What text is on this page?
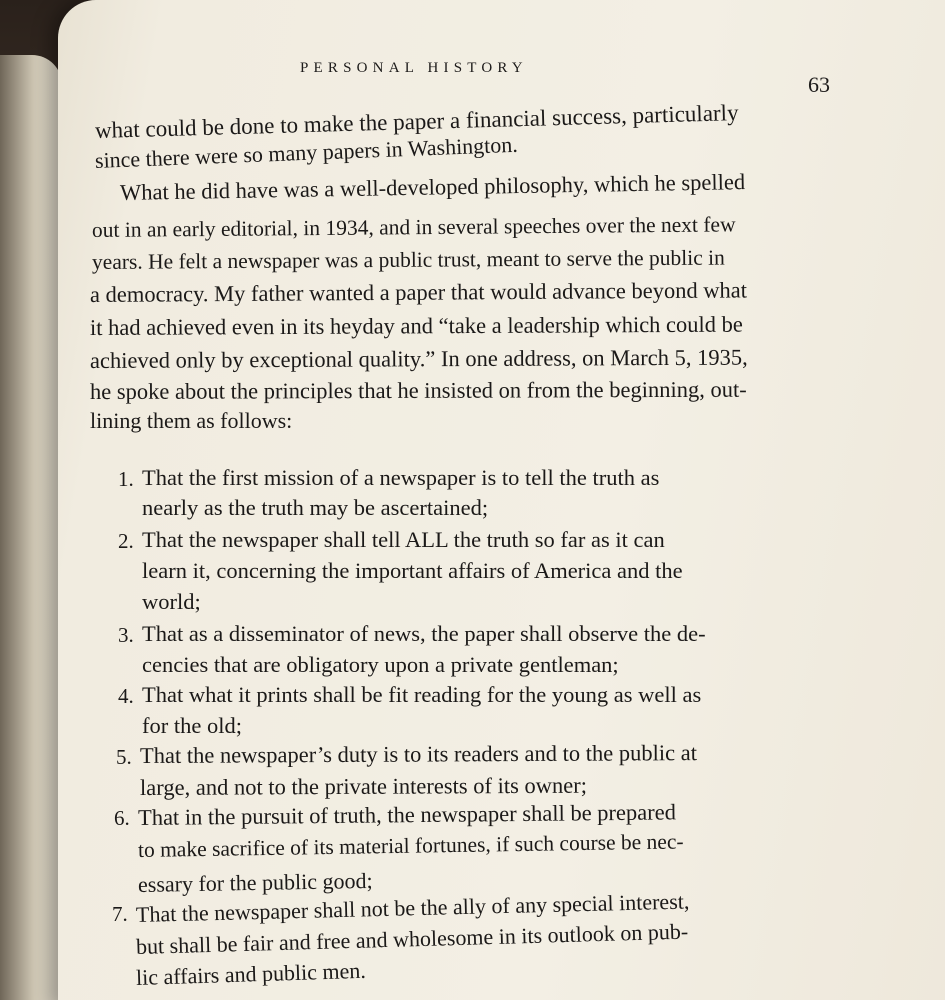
PERSONAL HISTORY
63
what could be done to make the paper a financial success, particularly
since there were so many papers in Washington.
What he did have was a well-developed philosophy, which he spelled
out in an early editorial, in 1934, and in several speeches over the next few
years. He felt a newspaper was a public trust, meant to serve the public in
a democracy. My father wanted a paper that would advance beyond what
it had achieved even in its heyday and “take a leadership which could be
achieved only by exceptional quality.” In one address, on March 5, 1935,
he spoke about the principles that he insisted on from the beginning, out-
lining them as follows:
1. That the first mission of a newspaper is to tell the truth as
nearly as the truth may be ascertained;
2. That the newspaper shall tell ALL the truth so far as it can
learn it, concerning the important affairs of America and the
world;
3. That as a disseminator of news, the paper shall observe the de-
cencies that are obligatory upon a private gentleman;
4. That what it prints shall be fit reading for the young as well as
for the old;
5. That the newspaper’s duty is to its readers and to the public at
large, and not to the private interests of its owner;
6. That in the pursuit of truth, the newspaper shall be prepared
to make sacrifice of its material fortunes, if such course be nec-
essary for the public good;
7. That the newspaper shall not be the ally of any special interest,
but shall be fair and free and wholesome in its outlook on pub-
lic affairs and public men.
